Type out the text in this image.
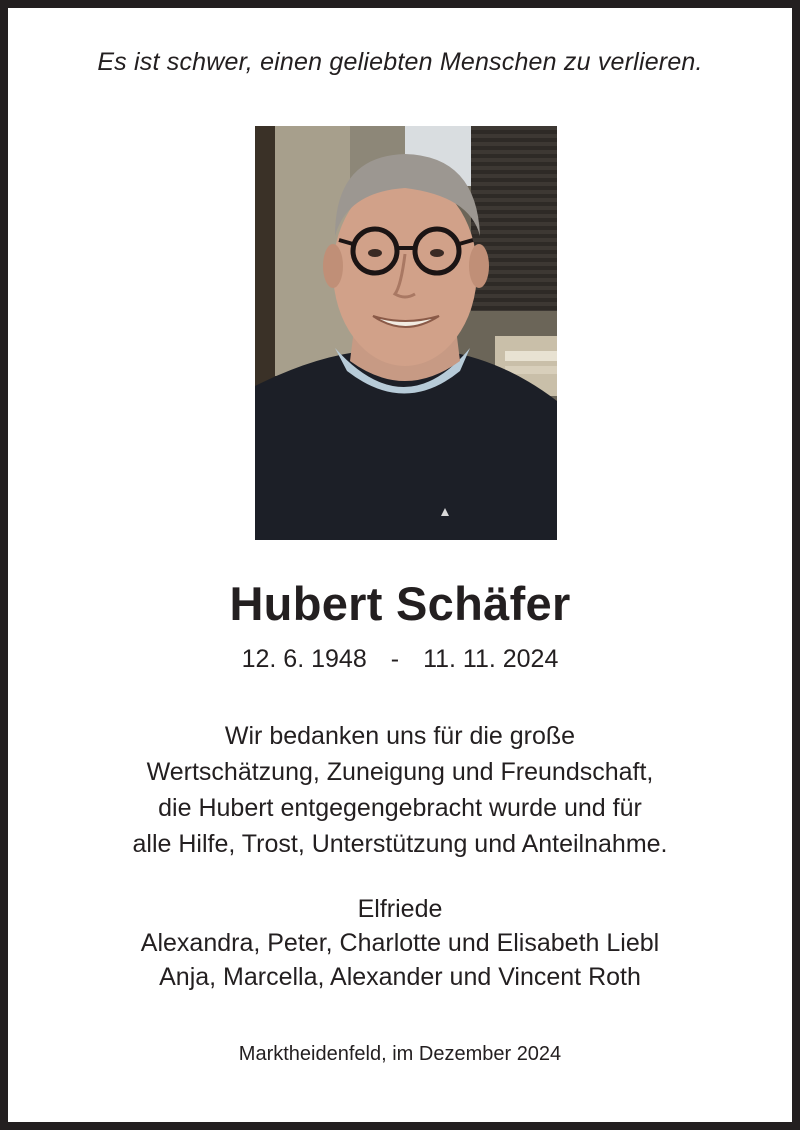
Es ist schwer, einen geliebten Menschen zu verlieren.
Hubert Schäfer
12. 6. 1948 - 11. 11. 2024
Wir bedanken uns für die große
Wertschätzung, Zuneigung und Freundschaft,
die Hubert entgegengebracht wurde und für
alle Hilfe, Trost, Unterstützung und Anteilnahme.
Elfriede
Alexandra, Peter, Charlotte und Elisabeth Liebl
Anja, Marcella, Alexander und Vincent Roth
Marktheidenfeld, im Dezember 2024
